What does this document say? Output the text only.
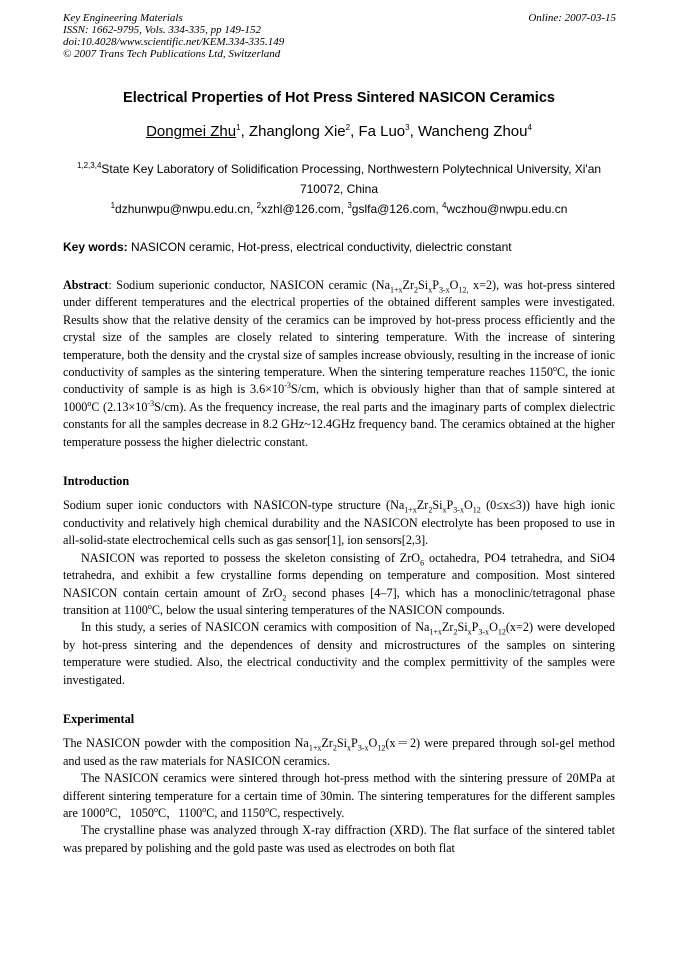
Key Engineering Materials
ISSN: 1662-9795, Vols. 334-335, pp 149-152
doi:10.4028/www.scientific.net/KEM.334-335.149
© 2007 Trans Tech Publications Ltd, Switzerland
Online: 2007-03-15
Electrical Properties of Hot Press Sintered NASICON Ceramics
Dongmei Zhu$^1$, Zhanglong Xie$^2$, Fa Luo$^3$, Wancheng Zhou$^4$
$^{1,2,3,4}$State Key Laboratory of Solidification Processing, Northwestern Polytechnical University, Xi'an
710072, China
$^1$dzhunwpu@nwpu.edu.cn, $^2$xzhl@126.com, $^3$gslfa@126.com, $^4$wczhou@nwpu.edu.cn
Key words: NASICON ceramic, Hot-press, electrical conductivity, dielectric constant

Abstract: Sodium superionic conductor, NASICON ceramic ($Na_{1+x}Zr_2Si_xP_{3-x}O_{12,}$ x=2), was hot-press sintered under different temperatures and the electrical properties of the obtained different samples were investigated. Results show that the relative density of the ceramics can be improved by hot-press process efficiently and the crystal size of the samples are closely related to sintering temperature. With the increase of sintering temperature, both the density and the crystal size of samples increase obviously, resulting in the increase of ionic conductivity of samples as the sintering temperature. When the sintering temperature reaches 1150$^o$C, the ionic conductivity of sample is as high is $3.6\times 10^{-3}S/cm$, which is obviously higher than that of sample sintered at 1000$^o$C $(2.13\times 10^{-3}S/cm)$. As the frequency increase, the real parts and the imaginary parts of complex dielectric constants for all the samples decrease in 8.2 GHz~12.4GHz frequency band. The ceramics obtained at the higher temperature possess the higher dielectric constant.

Introduction

Sodium super ionic conductors with NASICON-type structure ($Na_{1+x}Zr_2Si_xP_{3-x}O_{12}$ (0≤x≤3)) have high ionic conductivity and relatively high chemical durability and the NASICON electrolyte has been proposed to use in all-solid-state electrochemical cells such as gas sensor[1], ion sensors[2,3].

NASICON was reported to possess the skeleton consisting of ZrO$_6$ octahedra, PO4 tetrahedra, and SiO4 tetrahedra, and exhibit a few crystalline forms depending on temperature and composition. Most sintered NASICON contain certain amount of ZrO$_2$ second phases [4–7], which has a monoclinic/tetragonal phase transition at 1100$^o$C, below the usual sintering temperatures of the NASICON compounds.

In this study, a series of NASICON ceramics with composition of $Na_{1+x}Zr_2Si_xP_{3-x}O_{12}(x=2)$ were developed by hot-press sintering and the dependences of density and microstructures of the samples on sintering temperature were studied. Also, the electrical conductivity and the complex permittivity of the samples were investigated.

Experimental

The NASICON powder with the composition $Na_{1+x}Zr_2Si_xP_{3-x}O_{12}(x=2)$ were prepared through sol-gel method and used as the raw materials for NASICON ceramics.

The NASICON ceramics were sintered through hot-press method with the sintering pressure of 20MPa at different sintering temperature for a certain time of 30min. The sintering temperatures for the different samples are 1000$^o$C，1050$^o$C，1100$^o$C, and 1150$^o$C, respectively.

The crystalline phase was analyzed through X-ray diffraction (XRD). The flat surface of the sintered tablet was prepared by polishing and the gold paste was used as electrodes on both flat
